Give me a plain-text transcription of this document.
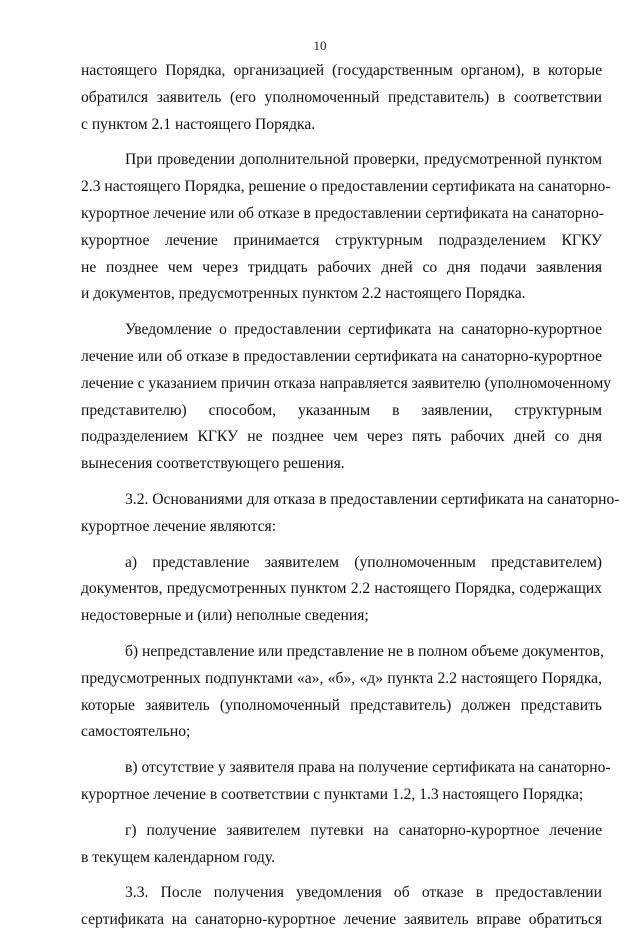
10
настоящего Порядка, организацией (государственным органом), в которые
обратился заявитель (его уполномоченный представитель) в соответствии
с пунктом 2.1 настоящего Порядка.
При проведении дополнительной проверки, предусмотренной пунктом
2.3 настоящего Порядка, решение о предоставлении сертификата на санаторно-
курортное лечение или об отказе в предоставлении сертификата на санаторно-
курортное лечение принимается структурным подразделением КГКУ
не позднее чем через тридцать рабочих дней со дня подачи заявления
и документов, предусмотренных пунктом 2.2 настоящего Порядка.
Уведомление о предоставлении сертификата на санаторно-курортное
лечение или об отказе в предоставлении сертификата на санаторно-курортное
лечение с указанием причин отказа направляется заявителю (уполномоченному
представителю) способом, указанным в заявлении, структурным
подразделением КГКУ не позднее чем через пять рабочих дней со дня
вынесения соответствующего решения.
3.2. Основаниями для отказа в предоставлении сертификата на санаторно-
курортное лечение являются:
а) представление заявителем (уполномоченным представителем)
документов, предусмотренных пунктом 2.2 настоящего Порядка, содержащих
недостоверные и (или) неполные сведения;
б) непредставление или представление не в полном объеме документов,
предусмотренных подпунктами «а», «б», «д» пункта 2.2 настоящего Порядка,
которые заявитель (уполномоченный представитель) должен представить
самостоятельно;
в) отсутствие у заявителя права на получение сертификата на санаторно-
курортное лечение в соответствии с пунктами 1.2, 1.3 настоящего Порядка;
г) получение заявителем путевки на санаторно-курортное лечение
в текущем календарном году.
3.3. После получения уведомления об отказе в предоставлении
сертификата на санаторно-курортное лечение заявитель вправе обратиться
